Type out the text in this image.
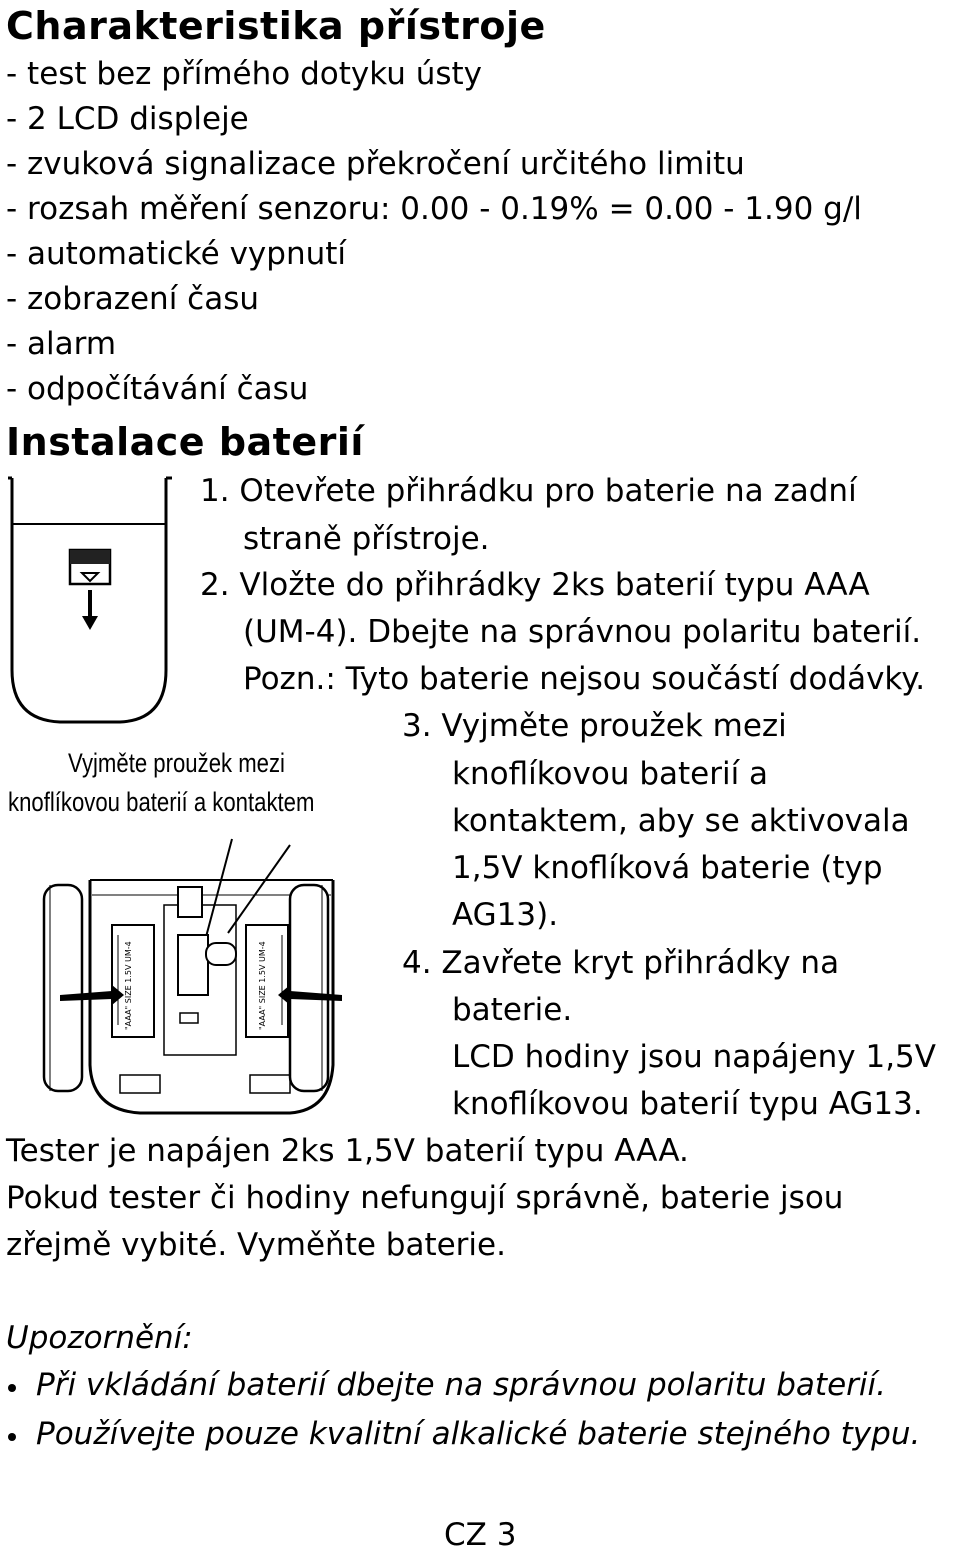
Charakteristika přístroje
- test bez přímého dotyku ústy
- 2 LCD displeje
- zvuková signalizace překročení určitého limitu
- rozsah měření senzoru: 0.00 - 0.19% = 0.00 - 1.90 g/l
- automatické vypnutí
- zobrazení času
- alarm
- odpočítávání času
Instalace baterií
1. Otevřete přihrádku pro baterie na zadní
straně přístroje.
2. Vložte do přihrádky 2ks baterií typu AAA
(UM-4). Dbejte na správnou polaritu baterií.
Pozn.: Tyto baterie nejsou součástí dodávky.
3. Vyjměte proužek mezi
knoflíkovou baterií a
kontaktem, aby se aktivovala
1,5V knoflíková baterie (typ
AG13).
4. Zavřete kryt přihrádky na
baterie.
LCD hodiny jsou napájeny 1,5V
knoflíkovou baterií typu AG13.
Vyjměte proužek mezi
knoflíkovou baterií a kontaktem
"AAA" SIZE 1.5V UM-4	"AAA" SIZE 1.5V UM-4
Tester je napájen 2ks 1,5V baterií typu AAA.
Pokud tester či hodiny nefungují správně, baterie jsou
zřejmě vybité. Vyměňte baterie.
Upozornění:
Při vkládání baterií dbejte na správnou polaritu baterií.
Používejte pouze kvalitní alkalické baterie stejného typu.
CZ 3
